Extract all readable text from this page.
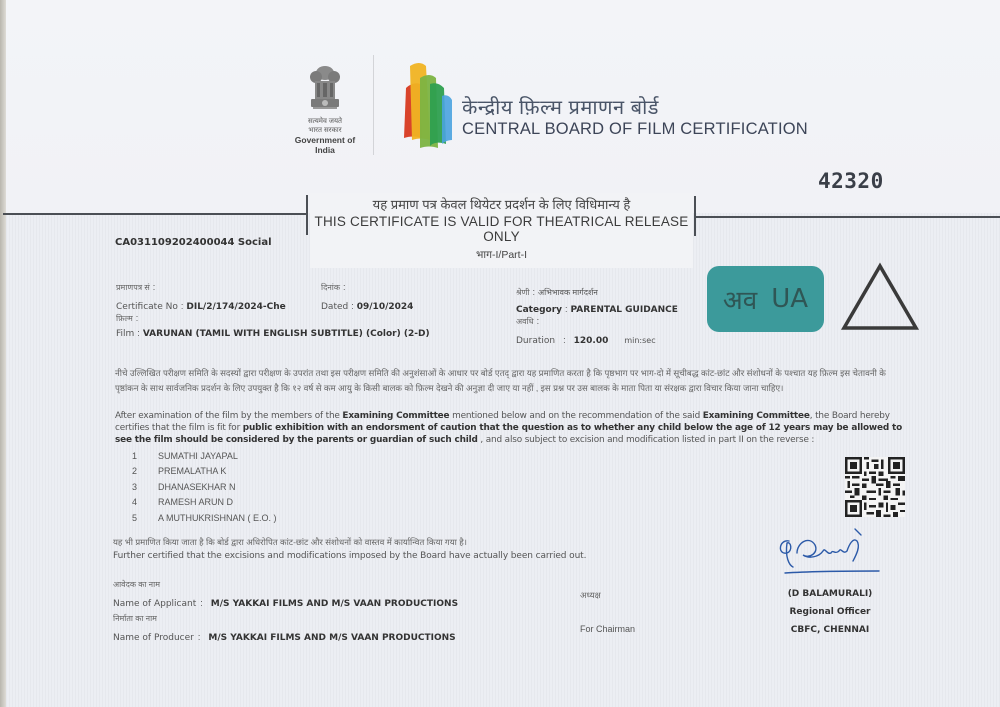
सत्यमेव जयते
भारत सरकार
Government of India
केन्द्रीय फ़िल्म प्रमाणन बोर्ड
CENTRAL BOARD OF FILM CERTIFICATION
42320
यह प्रमाण पत्र केवल थियेटर प्रदर्शन के लिए विधिमान्य है
THIS CERTIFICATE IS VALID FOR THEATRICAL RELEASE ONLY
भाग-I/Part-I
CA031109202400044 Social
प्रमाणपत्र सं :
Certificate No : DIL/2/174/2024-Che
दिनांक :
Dated : 09/10/2024
फ़िल्म :
Film : VARUNAN (TAMIL WITH ENGLISH SUBTITLE) (Color) (2-D)
श्रेणी : अभिभावक मार्गदर्शन
Category : PARENTAL GUIDANCE
अवधि :
Duration : 120.00 min:sec
अव UA
नीचे उल्लिखित परीक्षण समिति के सदस्यों द्वारा परीक्षण के उपरांत तथा इस परीक्षण समिति की अनुशंसाओं के आधार पर बोर्ड एतद् द्वारा यह प्रमाणित करता है कि पृष्ठभाग पर भाग-दो में सूचीबद्ध कांट-छांट और संशोधनों के पश्चात यह फ़िल्म इस चेतावनी के पृष्ठांकन के साथ सार्वजनिक प्रदर्शन के लिए उपयुक्त है कि १२ वर्ष से कम आयु के किसी बालक को फ़िल्म देखने की अनुज्ञा दी जाए या नहीं , इस प्रश्न पर उस बालक के माता पिता या संरक्षक द्वारा विचार किया जाना चाहिए।
After examination of the film by the members of the Examining Committee mentioned below and on the recommendation of the said Examining Committee, the Board hereby certifies that the film is fit for public exhibition with an endorsment of caution that the question as to whether any child below the age of 12 years may be allowed to see the film should be considered by the parents or guardian of such child , and also subject to excision and modification listed in part II on the reverse :
1	SUMATHI JAYAPAL
2	PREMALATHA K
3	DHANASEKHAR N
4	RAMESH ARUN D
5	A MUTHUKRISHNAN ( E.O. )
यह भी प्रमाणित किया जाता है कि बोर्ड द्वारा अधिरोपित कांट-छांट और संशोधनों को वास्तव में कार्यान्वित किया गया है।
Further certified that the excisions and modifications imposed by the Board have actually been carried out.
आवेदक का नाम
Name of Applicant : M/S YAKKAI FILMS AND M/S VAAN PRODUCTIONS
निर्माता का नाम
Name of Producer : M/S YAKKAI FILMS AND M/S VAAN PRODUCTIONS
अध्यक्ष
For Chairman
(D BALAMURALI)
Regional Officer
CBFC, CHENNAI
